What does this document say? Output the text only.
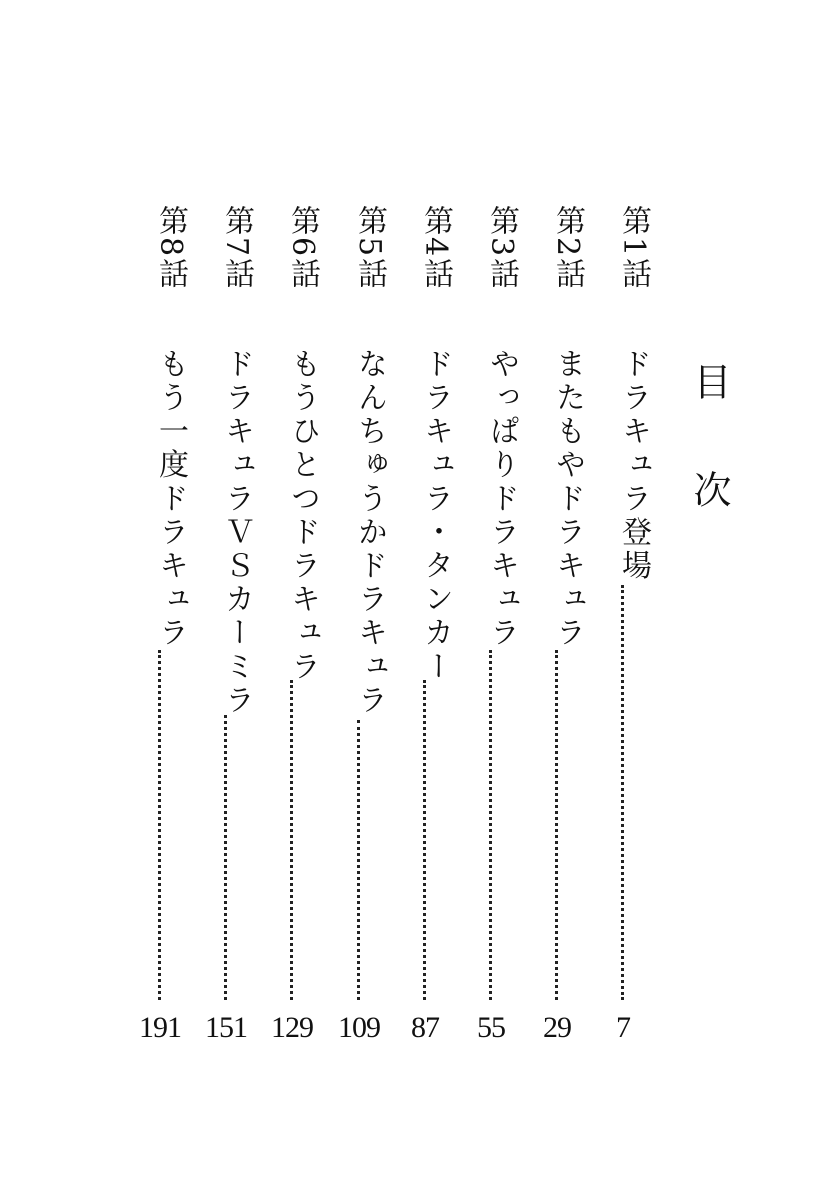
目次
第1話
ドラキュラ登場
7
第2話
またもやドラキュラ
29
第3話
やっぱりドラキュラ
55
第4話
ドラキュラ・タンカー
87
第5話
なんちゅうかドラキュラ
109
第6話
もうひとつドラキュラ
129
第7話
ドラキュラＶＳカーミラ
151
第8話
もう一度ドラキュラ
191
